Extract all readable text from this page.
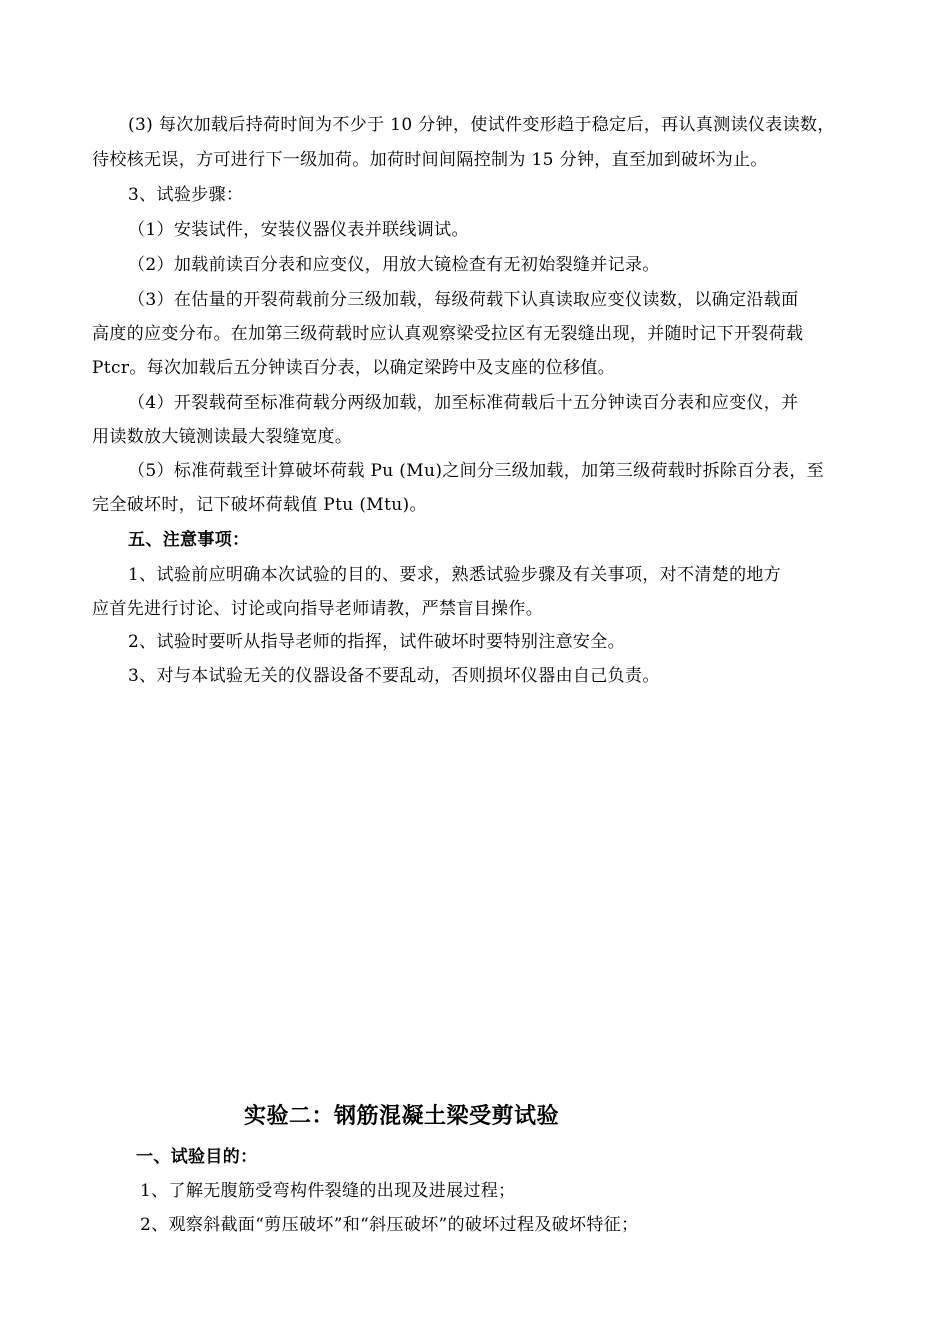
(3) 每次加载后持荷时间为不少于 10 分钟，使试件变形趋于稳定后，再认真测读仪表读数，
待校核无误，方可进行下一级加荷。加荷时间间隔控制为 15 分钟，直至加到破坏为止。
3、试验步骤：
（1）安装试件，安装仪器仪表并联线调试。
（2）加载前读百分表和应变仪，用放大镜检查有无初始裂缝并记录。
（3）在估量的开裂荷载前分三级加载，每级荷载下认真读取应变仪读数，以确定沿载面
高度的应变分布。在加第三级荷载时应认真观察梁受拉区有无裂缝出现，并随时记下开裂荷载
Ptcr。每次加载后五分钟读百分表，以确定梁跨中及支座的位移值。
（4）开裂载荷至标准荷载分两级加载，加至标准荷载后十五分钟读百分表和应变仪，并
用读数放大镜测读最大裂缝宽度。
（5）标准荷载至计算破坏荷载 Pu (Mu)之间分三级加载，加第三级荷载时拆除百分表，至
完全破坏时，记下破坏荷载值 Ptu (Mtu)。
五、注意事项：
1、试验前应明确本次试验的目的、要求，熟悉试验步骤及有关事项，对不清楚的地方
应首先进行讨论、讨论或向指导老师请教，严禁盲目操作。
2、试验时要听从指导老师的指挥，试件破坏时要特别注意安全。
3、对与本试验无关的仪器设备不要乱动，否则损坏仪器由自己负责。
实验二：钢筋混凝土梁受剪试验
一、试验目的：
1、了解无腹筋受弯构件裂缝的出现及进展过程；
2、观察斜截面“剪压破坏”和“斜压破坏”的破坏过程及破坏特征；
